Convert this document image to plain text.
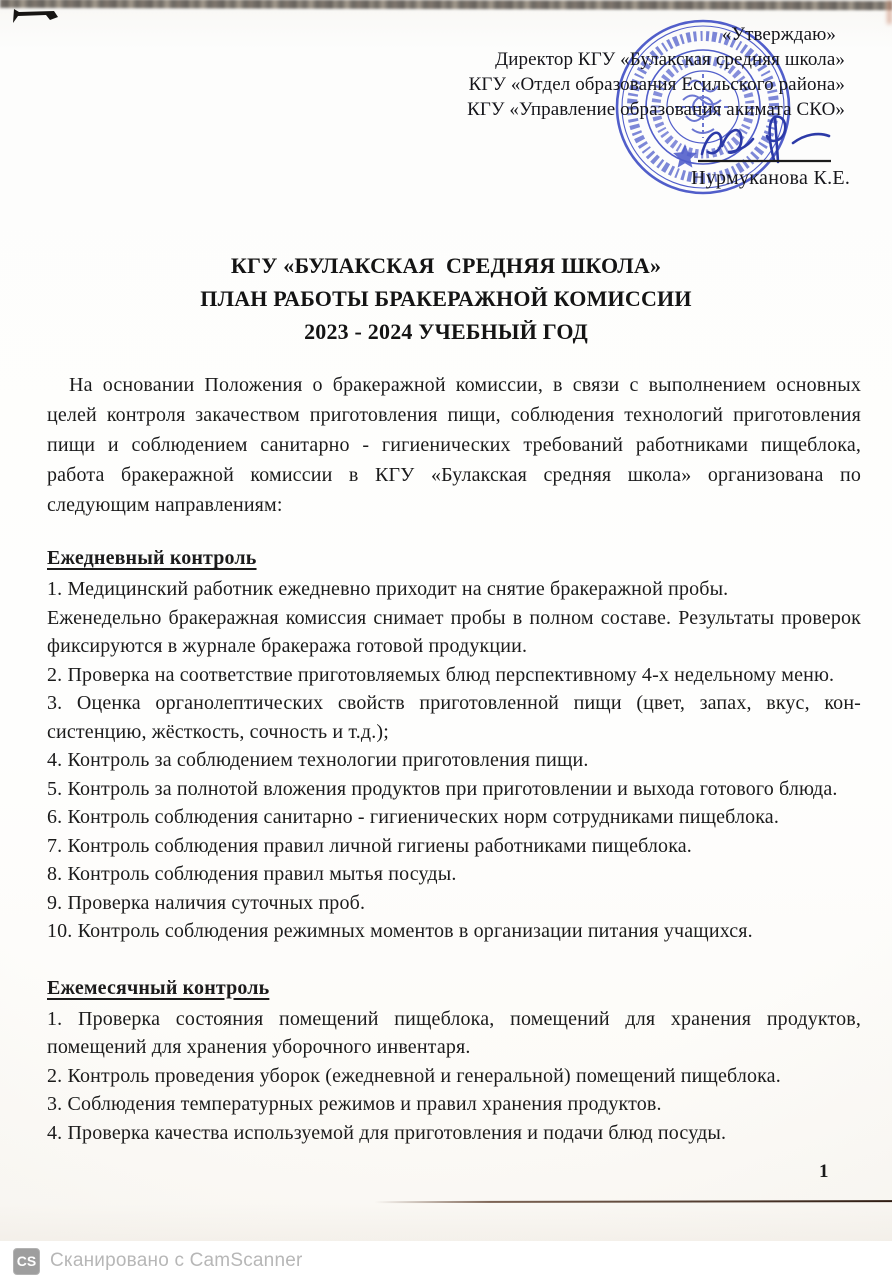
«Утверждаю»
Директор КГУ «Булакская средняя школа»
КГУ «Отдел образования Есильского района»
КГУ «Управление образования акимата СКО»
Нурмуканова К.Е.
КГУ «БУЛАКСКАЯ  СРЕДНЯЯ ШКОЛА»
ПЛАН РАБОТЫ БРАКЕРАЖНОЙ КОМИССИИ
2023 - 2024 УЧЕБНЫЙ ГОД

На основании Положения о бракеражной комиссии, в связи с выполнением основных целей контроля закачеством приготовления пищи, соблюдения технологий приготовления пищи и соблюдением санитарно - гигиенических требований работниками пищеблока, работа бракеражной комиссии в КГУ «Булакская средняя школа» организована по следующим направлениям:

Ежедневный контроль

1. Медицинский работник ежедневно приходит на снятие бракеражной пробы.

Еженедельно бракеражная комиссия снимает пробы в полном составе. Результаты проверок фиксируются в журнале бракеража готовой продукции.

2. Проверка на соответствие приготовляемых блюд перспективному 4-х недельному меню.

3. Оценка органолептических свойств приготовленной пищи (цвет, запах, вкус, кон-систенцию, жёсткость, сочность и т.д.);

4. Контроль за соблюдением технологии приготовления пищи.

5. Контроль за полнотой вложения продуктов при приготовлении и выхода готового блюда.

6. Контроль соблюдения санитарно - гигиенических норм сотрудниками пищеблока.

7. Контроль соблюдения правил личной гигиены работниками пищеблока.

8. Контроль соблюдения правил мытья посуды.

9. Проверка наличия суточных проб.

10. Контроль соблюдения режимных моментов в организации питания учащихся.

Ежемесячный контроль

1. Проверка состояния помещений пищеблока, помещений для хранения продуктов, помещений для хранения уборочного инвентаря.

2. Контроль проведения уборок (ежедневной и генеральной) помещений пищеблока.

3. Соблюдения температурных режимов и правил хранения продуктов.

4. Проверка качества используемой для приготовления и подачи блюд посуды.

1
CS Сканировано с CamScanner
